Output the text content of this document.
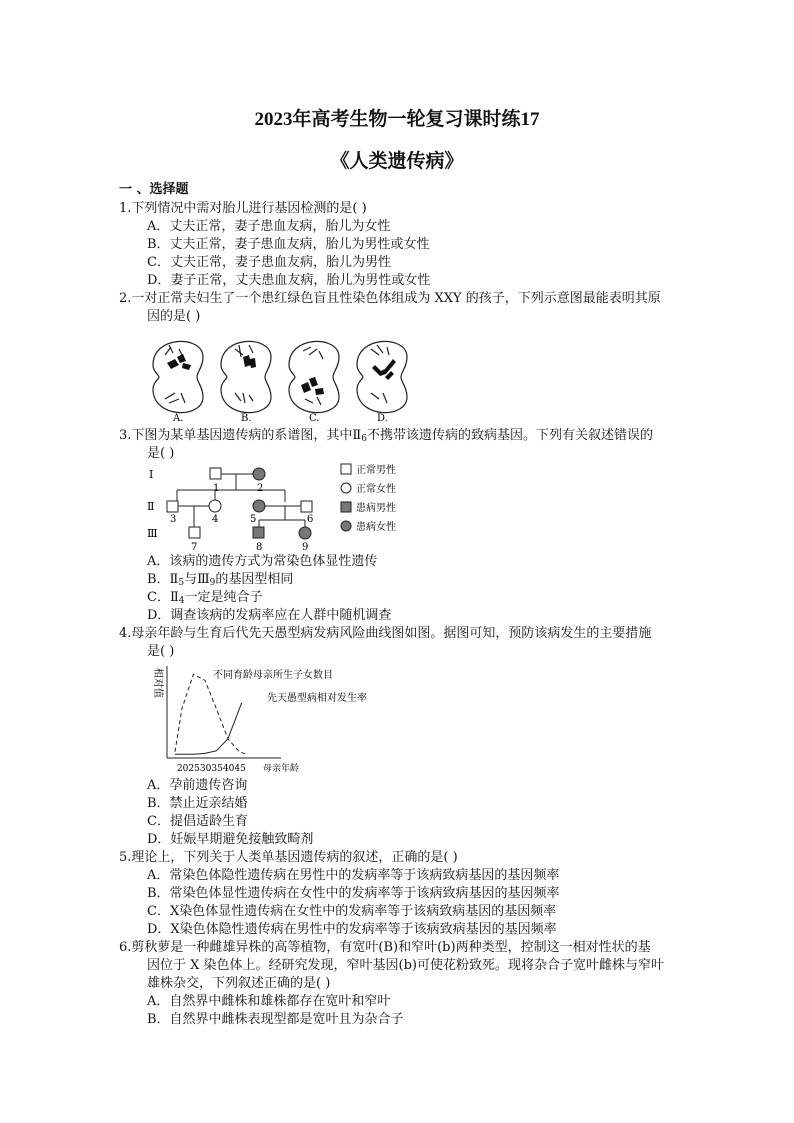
2023年高考生物一轮复习课时练17
《人类遗传病》
一 、选择题
1.下列情况中需对胎儿进行基因检测的是( )
A．丈夫正常，妻子患血友病，胎儿为女性
B．丈夫正常，妻子患血友病，胎儿为男性或女性
C．丈夫正常，妻子患血友病，胎儿为男性
D．妻子正常，丈夫患血友病，胎儿为男性或女性
2.一对正常夫妇生了一个患红绿色盲且性染色体组成为 XXY 的孩子，下列示意图最能表明其原
因的是( )
A.	B.	C.	D.
3.下图为某单基因遗传病的系谱图，其中$Ⅱ_6$不携带该遗传病的致病基因。下列有关叙述错误的
是( )
Ⅰ
Ⅱ
Ⅲ
1	2
3	4	5	6
7	8	9
正常男性
正常女性
患病男性
患病女性
A．该病的遗传方式为常染色体显性遗传
B．$Ⅱ_5$与$Ⅲ_9$的基因型相同
C．$Ⅱ_4$一定是纯合子
D．调查该病的发病率应在人群中随机调查
4.母亲年龄与生育后代先天愚型病发病风险曲线图如图。据图可知，预防该病发生的主要措施
是( )
相对值
母亲年龄
20 25 30 35 40 45
不同育龄母亲所生子女数目
先天愚型病相对发生率
A．孕前遗传咨询
B．禁止近亲结婚
C．提倡适龄生育
D．妊娠早期避免接触致畸剂
5.理论上，下列关于人类单基因遗传病的叙述，正确的是( )
A．常染色体隐性遗传病在男性中的发病率等于该病致病基因的基因频率
B．常染色体显性遗传病在女性中的发病率等于该病致病基因的基因频率
C．X染色体显性遗传病在女性中的发病率等于该病致病基因的基因频率
D．X染色体隐性遗传病在男性中的发病率等于该病致病基因的基因频率
6.剪秋萝是一种雌雄异株的高等植物，有宽叶(B)和窄叶(b)两种类型，控制这一相对性状的基
因位于 X 染色体上。经研究发现，窄叶基因(b)可使花粉致死。现将杂合子宽叶雌株与窄叶
雄株杂交，下列叙述正确的是( )
A．自然界中雌株和雄株都存在宽叶和窄叶
B．自然界中雌株表现型都是宽叶且为杂合子
